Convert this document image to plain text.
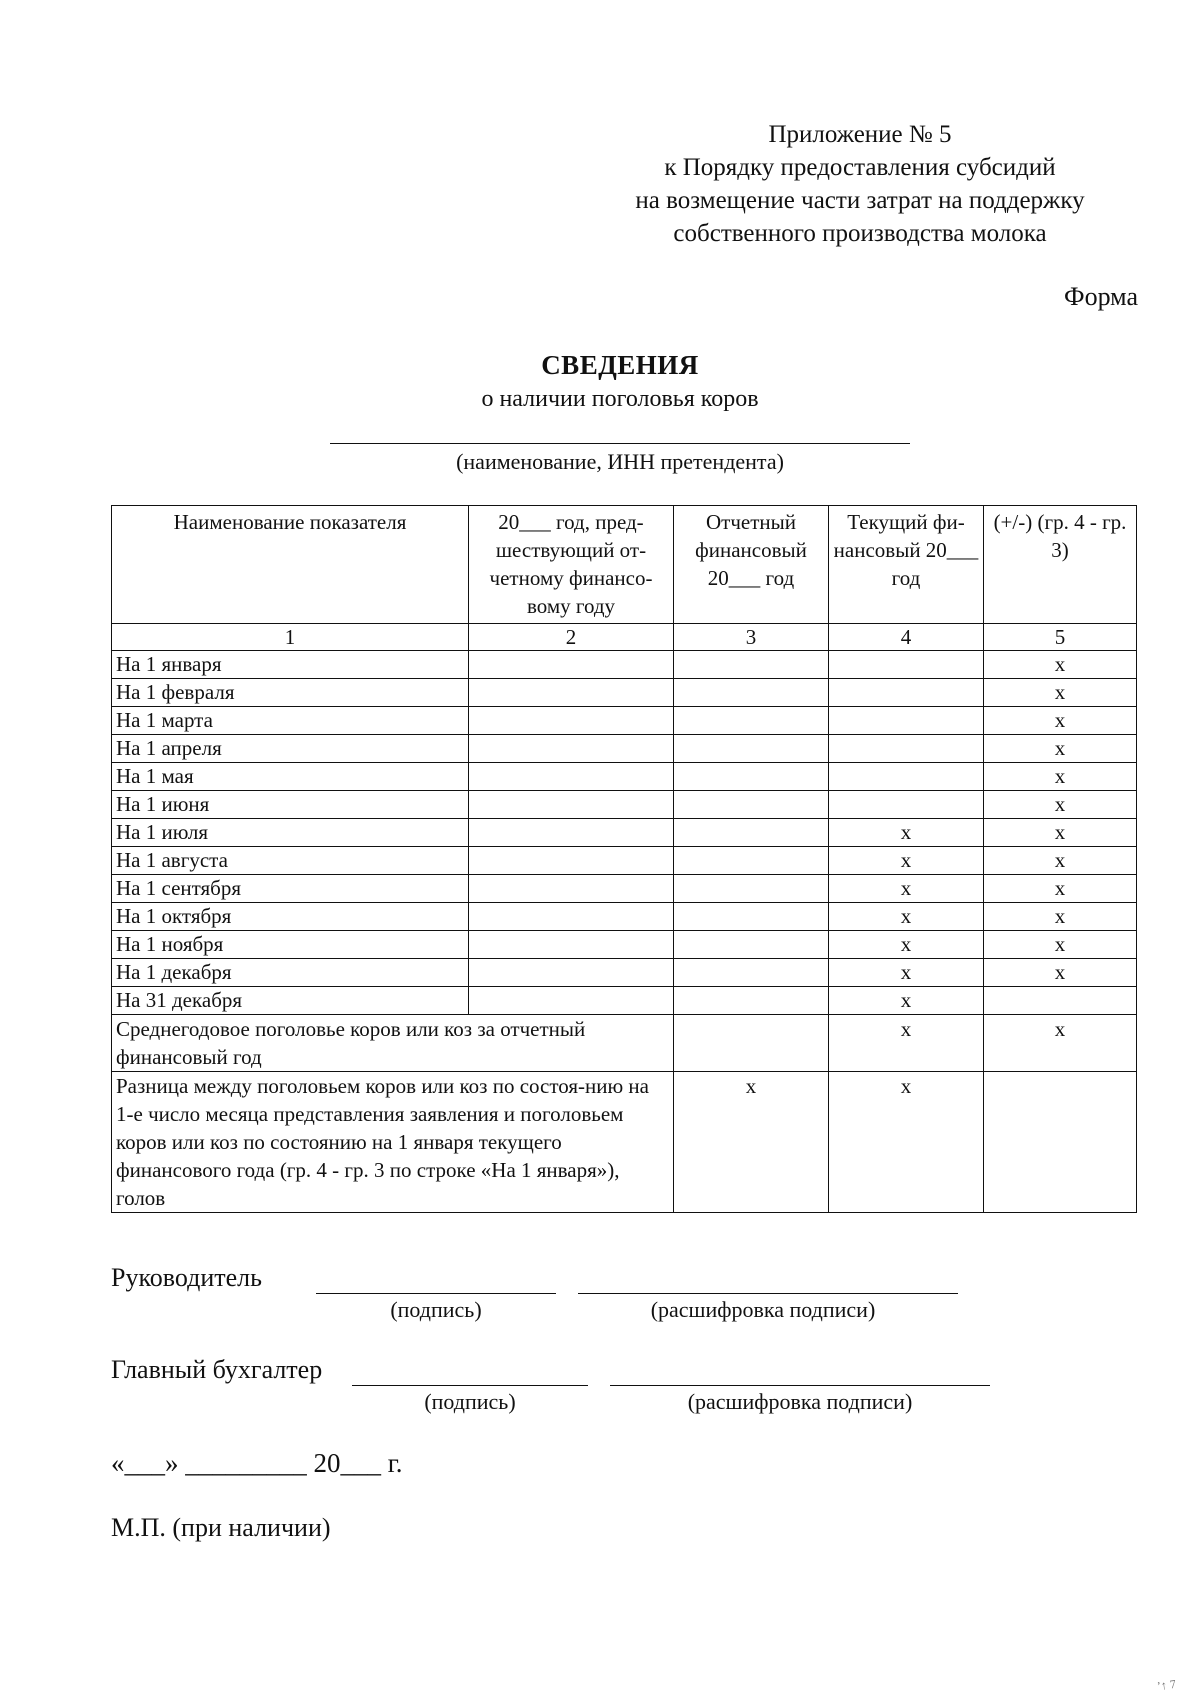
Приложение № 5
к Порядку предоставления субсидий
на возмещение части затрат на поддержку
собственного производства молока
Форма
СВЕДЕНИЯ
о наличии поголовья коров
(наименование, ИНН претендента)
Наименование показателя	20___ год, пред-шествующий от-четному финансо-вому году	Отчетный финансовый 20___ год	Текущий фи-нансовый 20___ год	(+/-) (гр. 4 - гр. 3)
1	2	3	4	5
На 1 января				х
На 1 февраля				х
На 1 марта				х
На 1 апреля				х
На 1 мая				х
На 1 июня				х
На 1 июля			х	х
На 1 августа			х	х
На 1 сентября			х	х
На 1 октября			х	х
На 1 ноября			х	х
На 1 декабря			х	х
На 31 декабря			х	
Среднегодовое поголовье коров или коз за отчетный финансовый год			х	х
Разница между поголовьем коров или коз по состоя-нию на 1-е число месяца представления заявления и поголовьем коров или коз по состоянию на 1 января текущего финансового года (гр. 4 - гр. 3 по строке «На 1 января»), голов		х	х	
Руководитель
(подпись)	(расшифровка подписи)
Главный бухгалтер
(подпись)	(расшифровка подписи)
«___» _________ 20___ г.
М.П. (при наличии)
ʼ↑ 7
